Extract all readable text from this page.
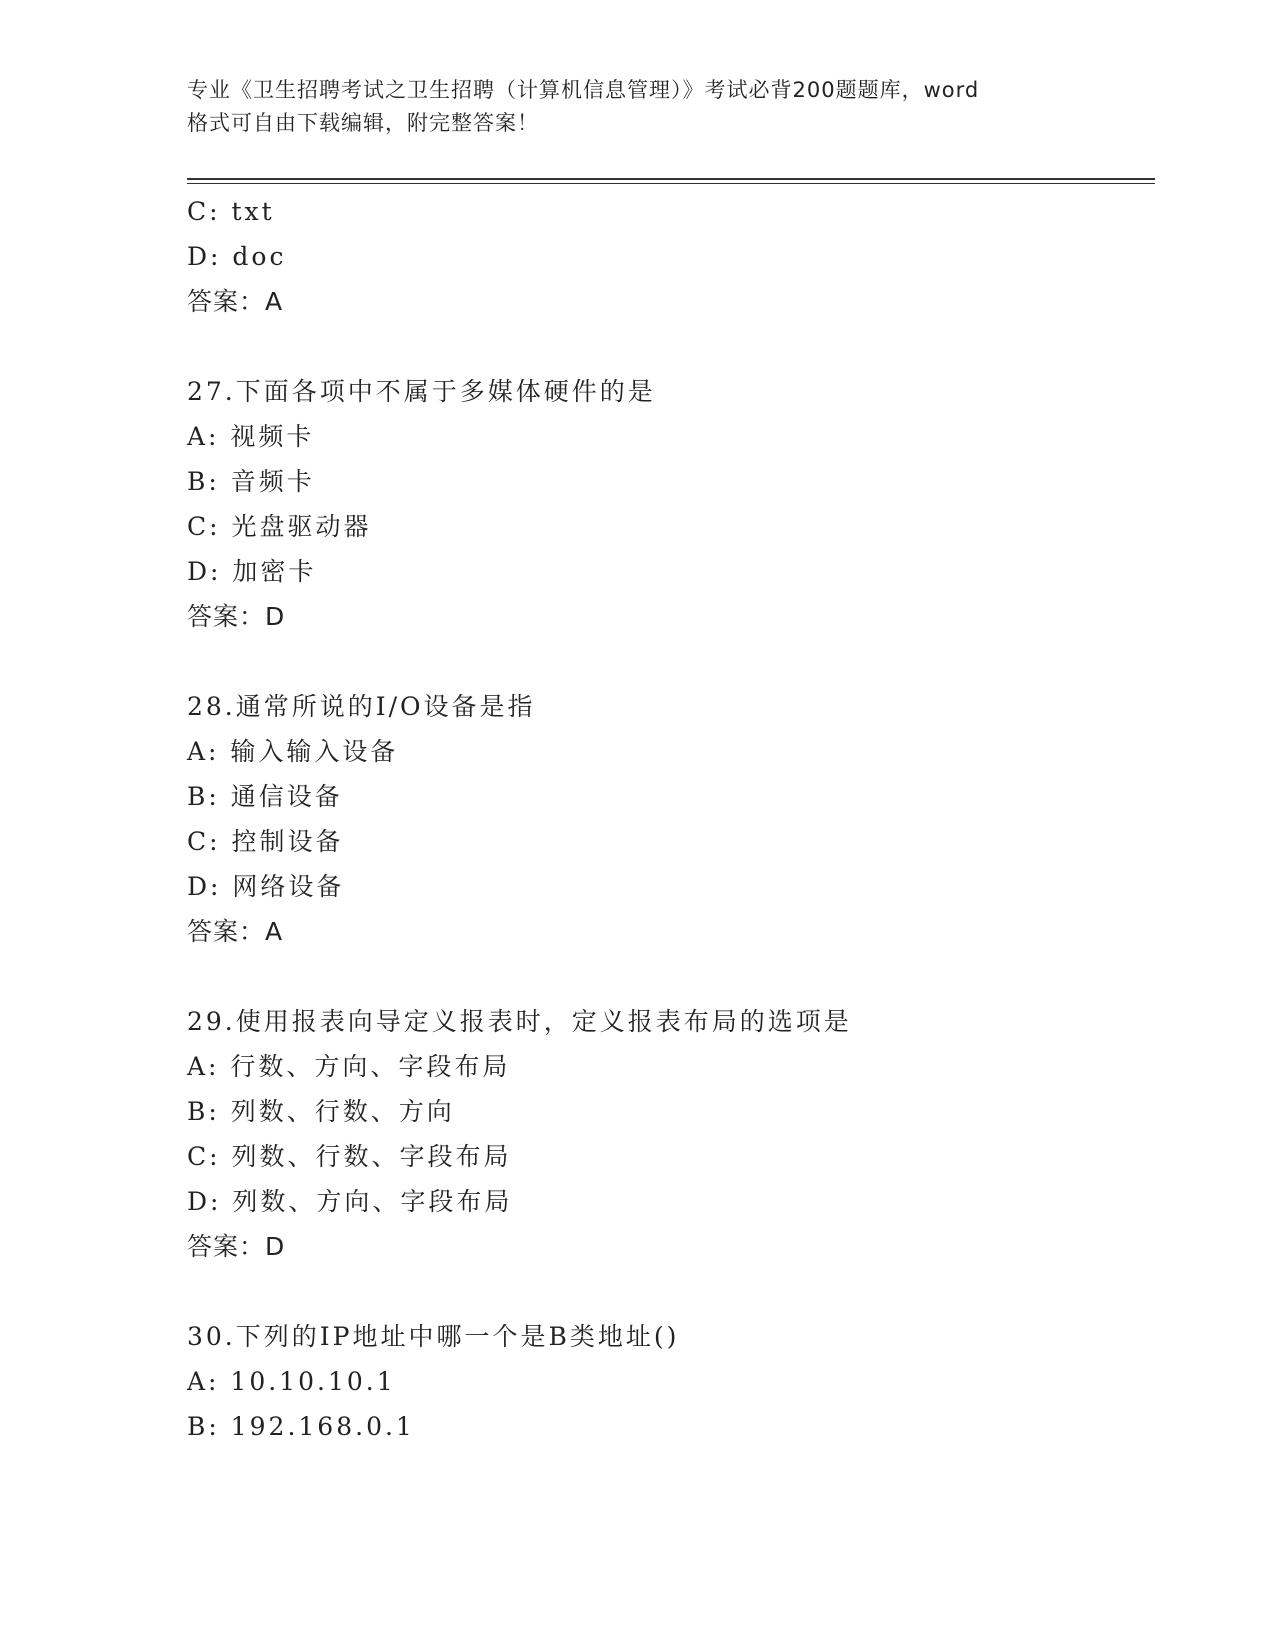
专业《卫生招聘考试之卫生招聘（计算机信息管理）》考试必背200题题库，word
格式可自由下载编辑，附完整答案！
C: txt
D: doc
答案：A
27.下面各项中不属于多媒体硬件的是
A: 视频卡
B: 音频卡
C: 光盘驱动器
D: 加密卡
答案：D
28.通常所说的I/O设备是指
A: 输入输入设备
B: 通信设备
C: 控制设备
D: 网络设备
答案：A
29.使用报表向导定义报表时，定义报表布局的选项是
A: 行数、方向、字段布局
B: 列数、行数、方向
C: 列数、行数、字段布局
D: 列数、方向、字段布局
答案：D
30.下列的IP地址中哪一个是B类地址()
A: 10.10.10.1
B: 192.168.0.1
